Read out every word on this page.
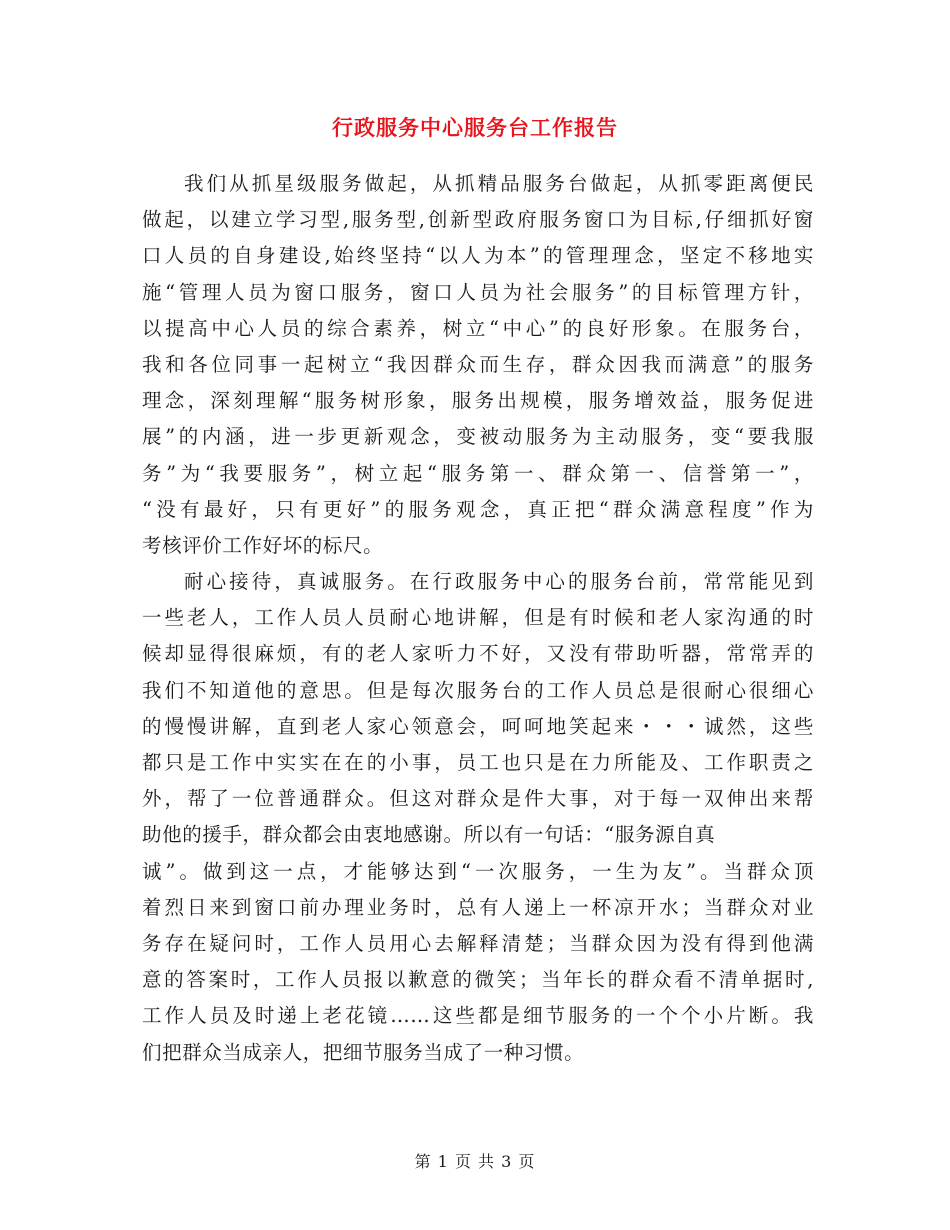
行政服务中心服务台工作报告
我们从抓星级服务做起，从抓精品服务台做起，从抓零距离便民
做起，以建立学习型,服务型,创新型政府服务窗口为目标,仔细抓好窗
口人员的自身建设,始终坚持“以人为本”的管理理念，坚定不移地实
施“管理人员为窗口服务，窗口人员为社会服务”的目标管理方针，
以提高中心人员的综合素养，树立“中心”的良好形象。在服务台，
我和各位同事一起树立“我因群众而生存，群众因我而满意”的服务
理念，深刻理解“服务树形象，服务出规模，服务增效益，服务促进
展”的内涵，进一步更新观念，变被动服务为主动服务，变“要我服
务”为“我要服务”，树立起“服务第一、群众第一、信誉第一”，
“没有最好，只有更好”的服务观念，真正把“群众满意程度”作为
考核评价工作好坏的标尺。
耐心接待，真诚服务。在行政服务中心的服务台前，常常能见到
一些老人，工作人员人员耐心地讲解，但是有时候和老人家沟通的时
候却显得很麻烦，有的老人家听力不好，又没有带助听器，常常弄的
我们不知道他的意思。但是每次服务台的工作人员总是很耐心很细心
的慢慢讲解，直到老人家心领意会，呵呵地笑起来・・・诚然，这些
都只是工作中实实在在的小事，员工也只是在力所能及、工作职责之
外，帮了一位普通群众。但这对群众是件大事，对于每一双伸出来帮
助他的援手，群众都会由衷地感谢。所以有一句话：“服务源自真
诚”。做到这一点，才能够达到“一次服务，一生为友”。当群众顶
着烈日来到窗口前办理业务时，总有人递上一杯凉开水；当群众对业
务存在疑问时，工作人员用心去解释清楚；当群众因为没有得到他满
意的答案时，工作人员报以歉意的微笑；当年长的群众看不清单据时,
工作人员及时递上老花镜……这些都是细节服务的一个个小片断。我
们把群众当成亲人，把细节服务当成了一种习惯。
第 1 页 共 3 页
